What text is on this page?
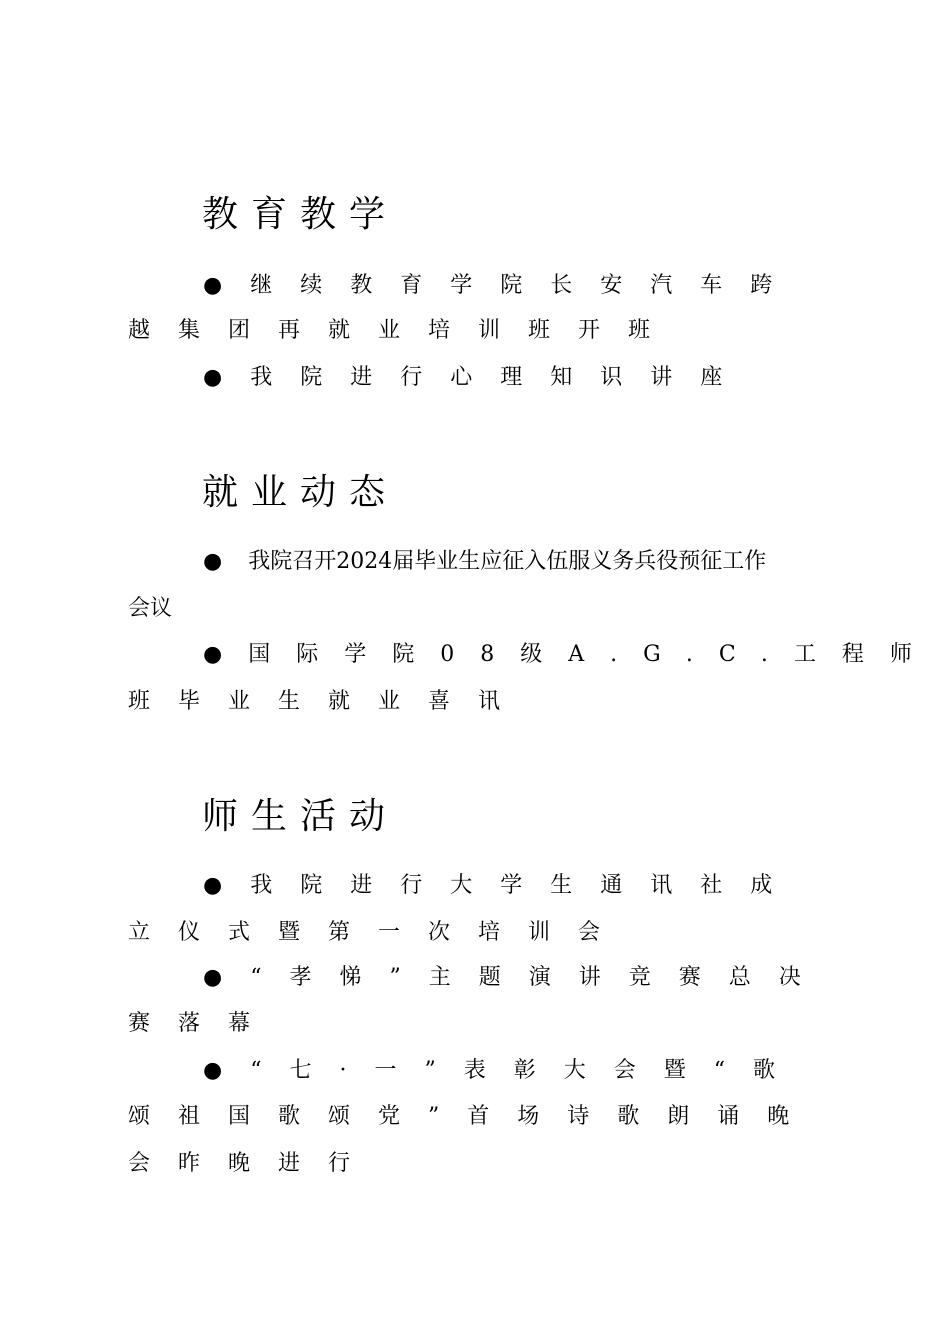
教育教学
●继续教育学院长安汽车跨
越集团再就业培训班开班
●我院进行心理知识讲座
就业动态
● 我院召开2024届毕业生应征入伍服义务兵役预征工作
会议
●国际学院08级A.G.C.工程师
班毕业生就业喜讯
师生活动
●我院进行大学生通讯社成
立仪式暨第一次培训会
●“孝悌”主题演讲竞赛总决
赛落幕
●“七·一”表彰大会暨“歌
颂祖国歌颂党”首场诗歌朗诵晚
会昨晚进行
